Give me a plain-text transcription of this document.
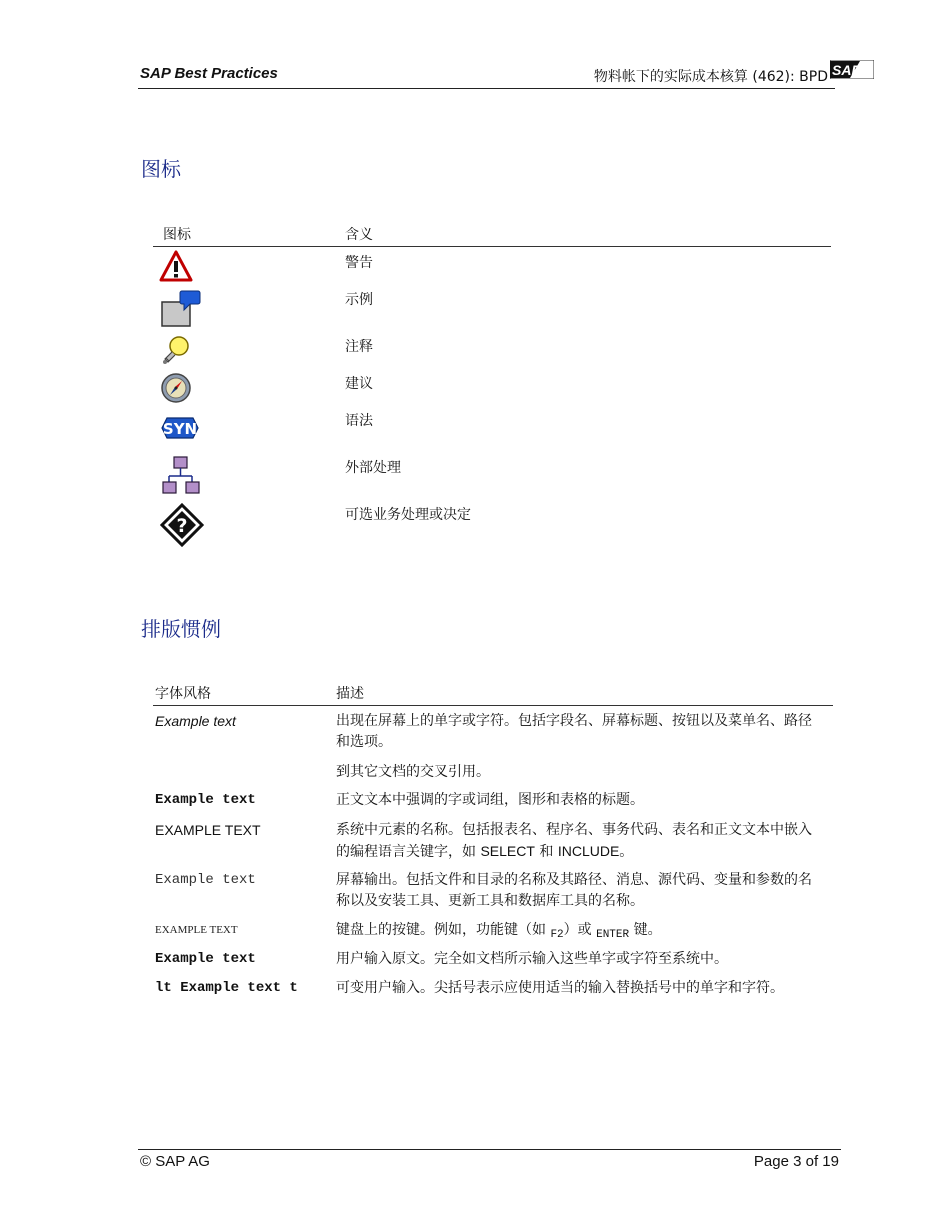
SAP Best Practices	物料帐下的实际成本核算 (462): BPD SAP
图标
图标	含义
警告
示例
注释
建议
SYN	语法
外部处理
?	可选业务处理或决定
排版惯例
字体风格	描述
Example text	出现在屏幕上的单字或字符。包括字段名、屏幕标题、按钮以及菜单名、路径和选项。
到其它文档的交叉引用。
Example text	正文文本中强调的字或词组，图形和表格的标题。
EXAMPLE TEXT	系统中元素的名称。包括报表名、程序名、事务代码、表名和正文文本中嵌入的编程语言关键字，如 SELECT 和 INCLUDE。
Example text	屏幕输出。包括文件和目录的名称及其路径、消息、源代码、变量和参数的名称以及安装工具、更新工具和数据库工具的名称。
EXAMPLE TEXT	键盘上的按键。例如，功能键（如 $_{F2}$）或 $_{ENTER}$ 键。
Example text	用户输入原文。完全如文档所示输入这些单字或字符至系统中。
lt Example text t	可变用户输入。尖括号表示应使用适当的输入替换括号中的单字和字符。
© SAP AG	Page 3 of 19
